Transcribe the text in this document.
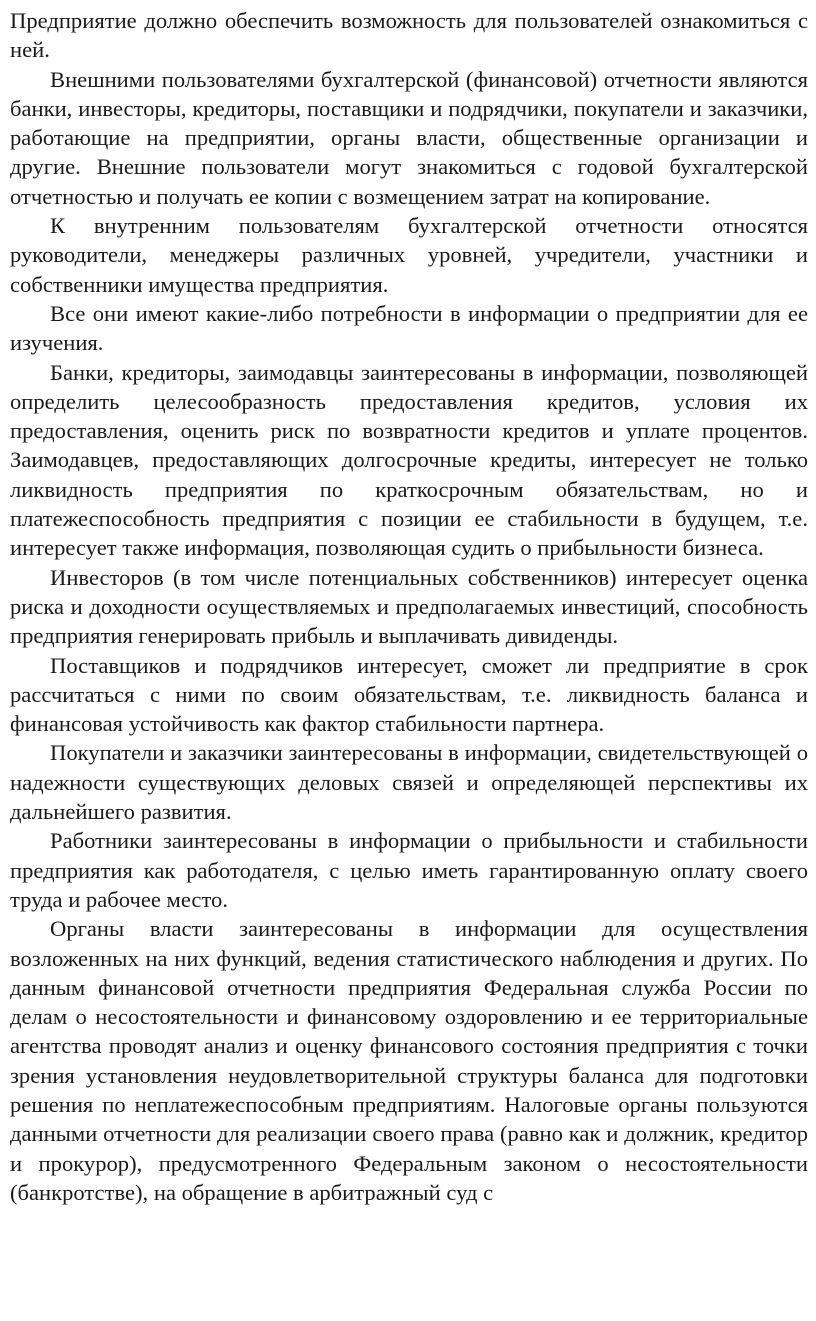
Предприятие должно обеспечить возможность для пользователей ознакомиться с ней.

Внешними пользователями бухгалтерской (финансовой) отчетности являются банки, инвесторы, кредиторы, поставщики и подрядчики, покупатели и заказчики, работающие на предприятии, органы власти, общественные организации и другие. Внешние пользователи могут знакомиться с годовой бухгалтерской отчетностью и получать ее копии с возмещением затрат на копирование.

К внутренним пользователям бухгалтерской отчетности относятся руководители, менеджеры различных уровней, учредители, участники и собственники имущества предприятия.

Все они имеют какие-либо потребности в информации о предприятии для ее изучения.

Банки, кредиторы, заимодавцы заинтересованы в информации, позволяющей определить целесообразность предоставления кредитов, условия их предоставления, оценить риск по возвратности кредитов и уплате процентов. Заимодавцев, предоставляющих долгосрочные кредиты, интересует не только ликвидность предприятия по краткосрочным обязательствам, но и платежеспособность предприятия с позиции ее стабильности в будущем, т.е. интересует также информация, позволяющая судить о прибыльности бизнеса.

Инвесторов (в том числе потенциальных собственников) интересует оценка риска и доходности осуществляемых и предполагаемых инвестиций, способность предприятия генерировать прибыль и выплачивать дивиденды.

Поставщиков и подрядчиков интересует, сможет ли предприятие в срок рассчитаться с ними по своим обязательствам, т.е. ликвидность баланса и финансовая устойчивость как фактор стабильности партнера.

Покупатели и заказчики заинтересованы в информации, свидетельствующей о надежности существующих деловых связей и определяющей перспективы их дальнейшего развития.

Работники заинтересованы в информации о прибыльности и стабильности предприятия как работодателя, с целью иметь гарантированную оплату своего труда и рабочее место.

Органы власти заинтересованы в информации для осуществления возложенных на них функций, ведения статистического наблюдения и других. По данным финансовой отчетности предприятия Федеральная служба России по делам о несостоятельности и финансовому оздоровлению и ее территориальные агентства проводят анализ и оценку финансового состояния предприятия с точки зрения установления неудовлетворительной структуры баланса для подготовки решения по неплатежеспособным предприятиям. Налоговые органы пользуются данными отчетности для реализации своего права (равно как и должник, кредитор и прокурор), предусмотренного Федеральным законом о несостоятельности (банкротстве), на обращение в арбитражный суд с
